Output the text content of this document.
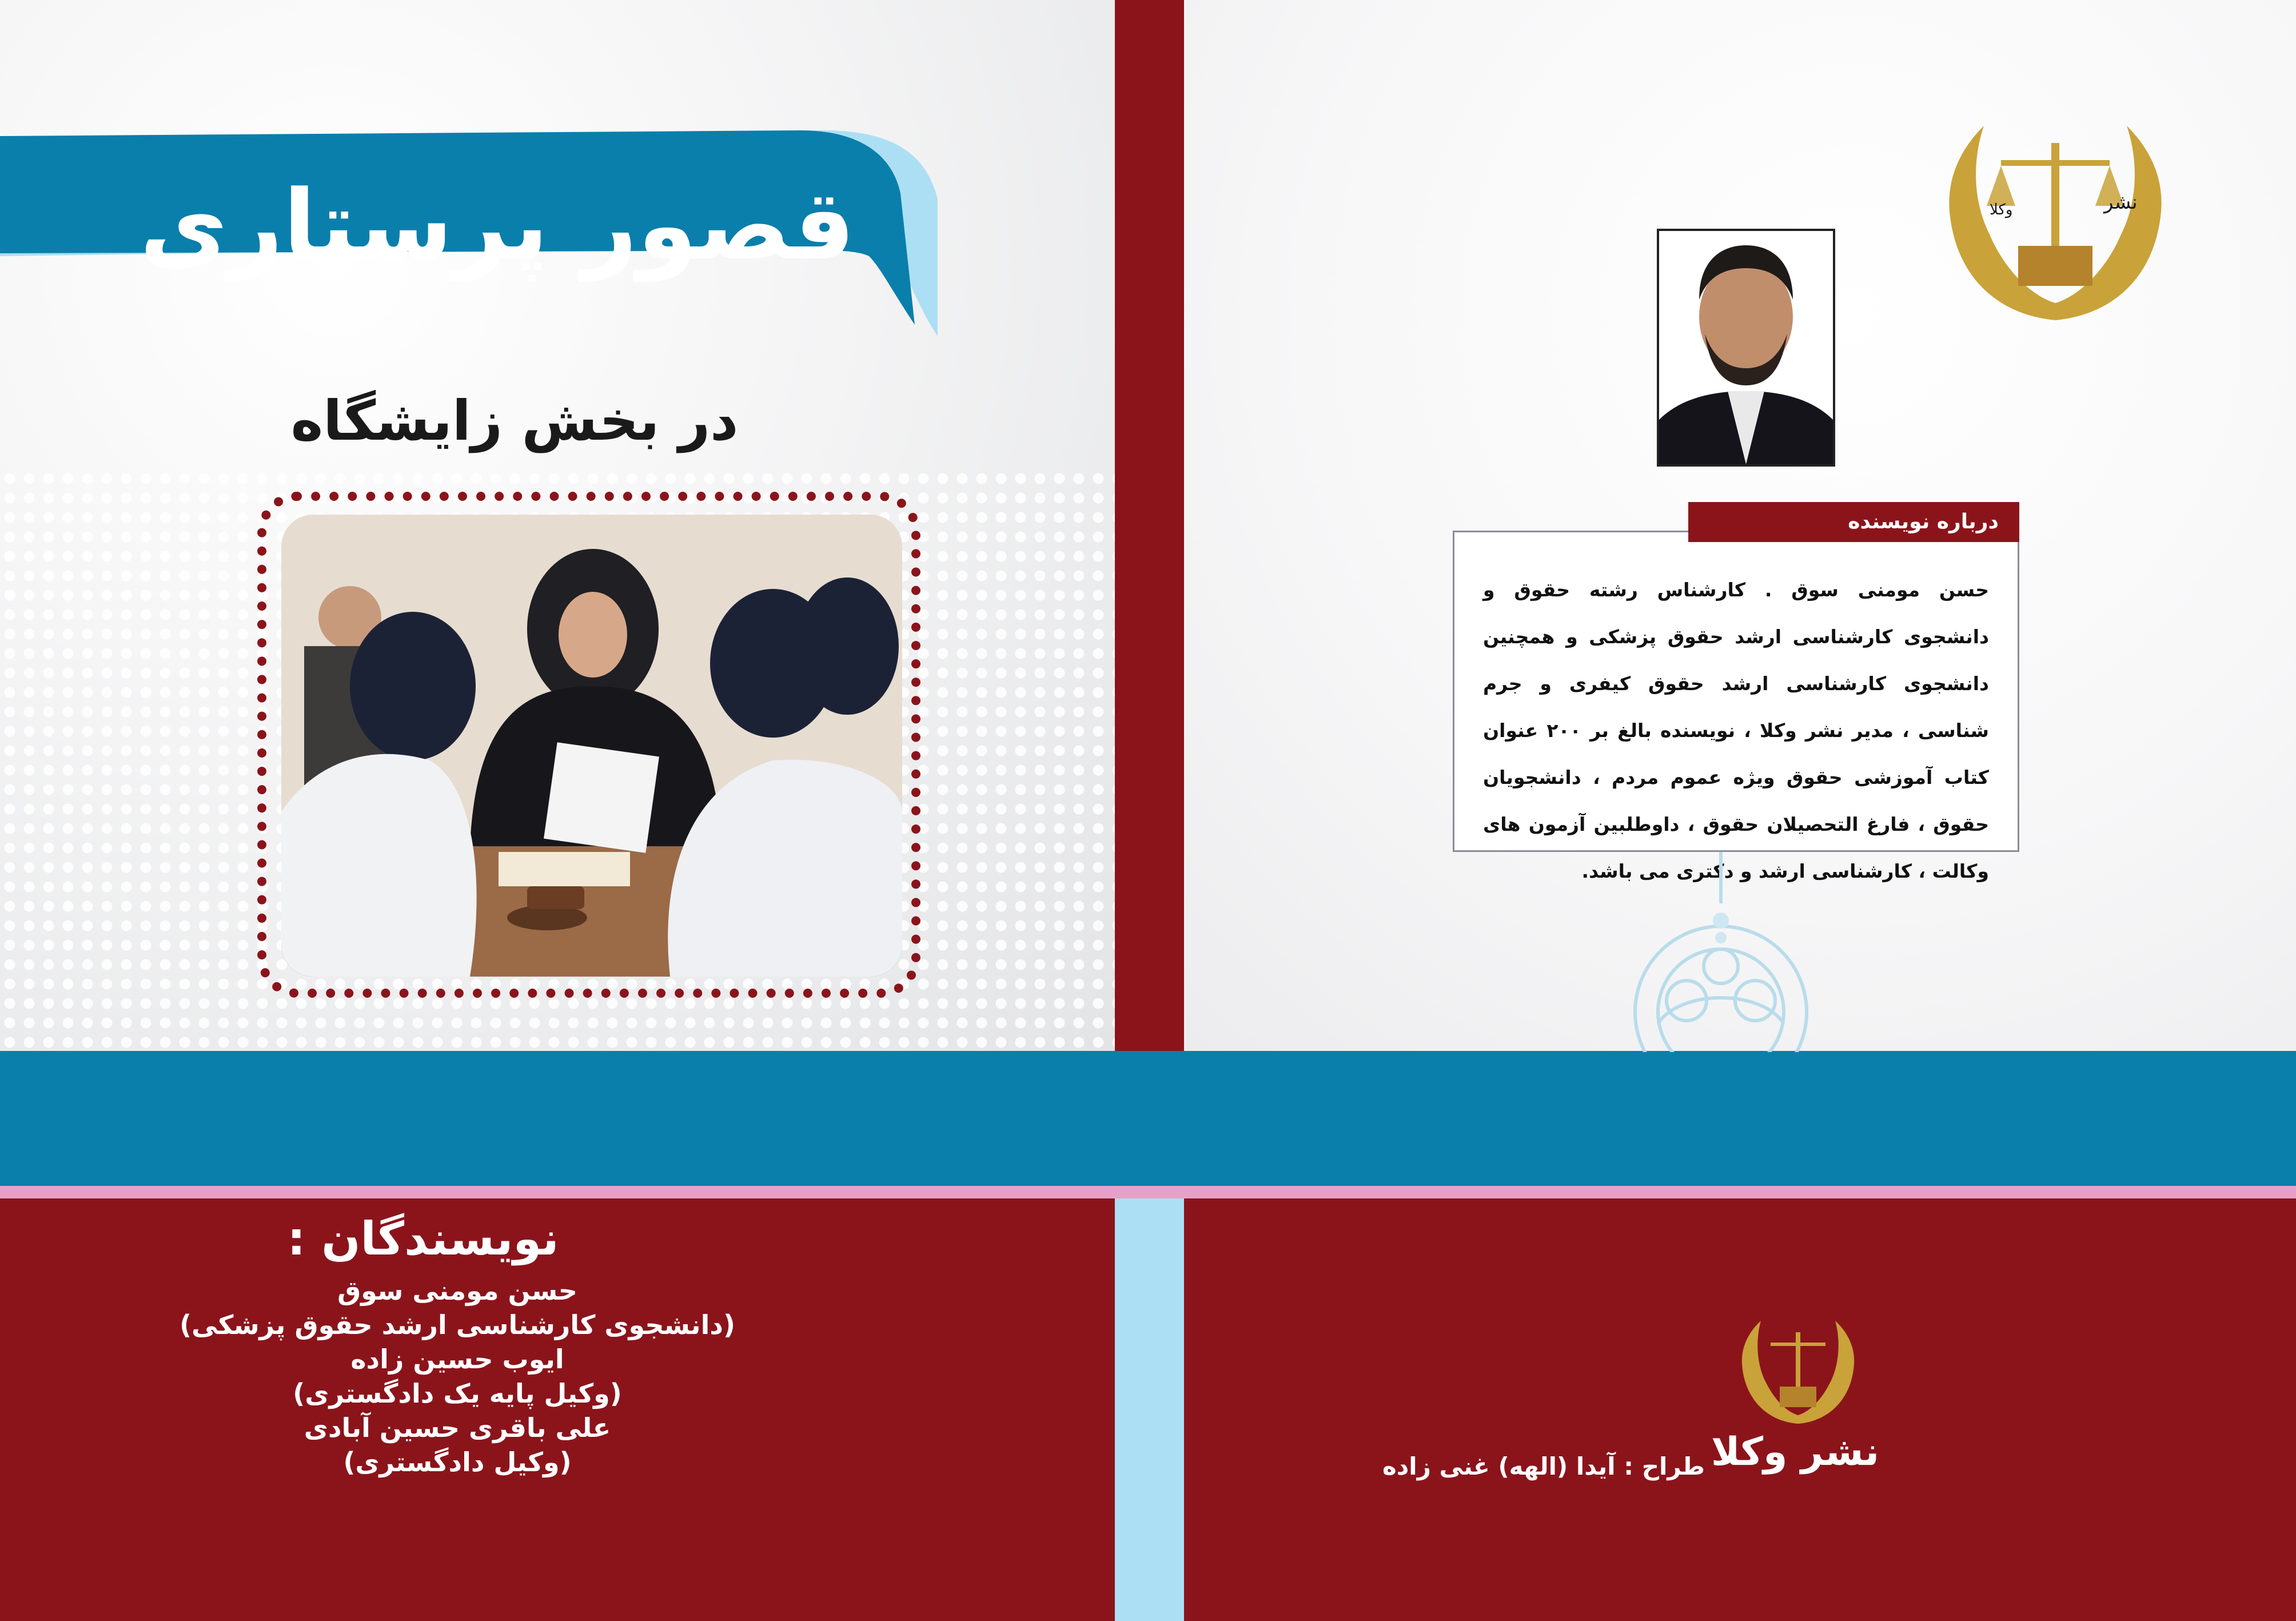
قصور پرستاری
در بخش زایشگاه
نویسندگان :
حسن مومنی سوق
(دانشجوی کارشناسی ارشد حقوق پزشکی)
ایوب حسین زاده
(وکیل پایه یک دادگستری)
علی باقری حسین آبادی
(وکیل دادگستری)
نشر
وکلا
حسن مومنی سوق . کارشناس رشته حقوق و دانشجوی کارشناسی ارشد حقوق پزشکی و همچنین دانشجوی کارشناسی ارشد حقوق کیفری و جرم شناسی ، مدیر نشر وکلا ، نویسنده بالغ بر ۲۰۰ عنوان کتاب آموزشی حقوق ویژه عموم مردم ، دانشجویان حقوق ، فارغ التحصیلان حقوق ، داوطلبین آزمون های وکالت ، کارشناسی ارشد و دکتری می باشد.
درباره نویسنده
نشر وکلا
طراح : آیدا (الهه) غنی زاده
